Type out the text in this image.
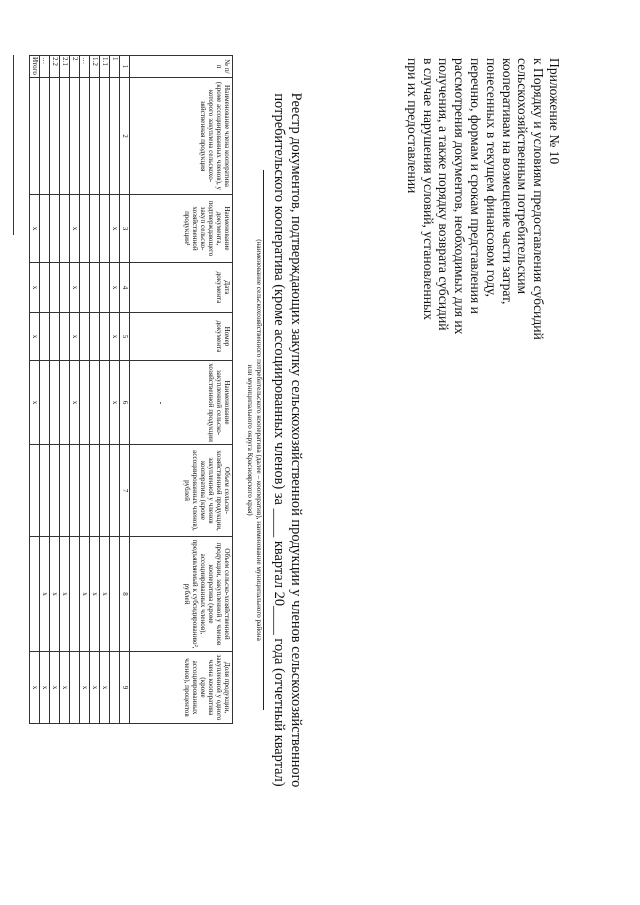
Приложение № 10
к Порядку и условиям предоставления субсидий
сельскохозяйственным потребительским
кооперативам на возмещение части затрат,
понесенных в текущем финансовом году,
перечню, формам и срокам представления и
рассмотрения документов, необходимых для их
получения, а также порядку возврата субсидий
в случае нарушения условий, установленных
при их предоставлении
Реестр документов, подтверждающих закупку сельскохозяйственной продукции у членов сельскохозяйственного
потребительского кооператива (кроме ассоциированных членов) за ____ квартал 20____ года (отчетный квартал)
(наименование сельскохозяйственного потребительского кооператива (далее – кооператив), наименование муниципального района
или муниципального округа Красноярского края)
№ п/п	Наименование члена кооператива (кроме ассоциированных членов), у которого закуплена сельскохо-зяйственная продукция	Наименование документа, подтверждающего закуп сельско-хозяйственной продукции¹	Дата документа	Номер документа	Наименование закупленной сельско-хозяйственной продукции	Объем сельско-хозяйственной продукции, закупленной у членов кооператива (кроме ассоциированных членов), рублей	Объем сельско-хозяйственной продукции, закупленной у членов кооператива (кроме ассоциированных членов), предъявляемый к субсидированию², рублей	Доля продукции, закупленной у одного члена кооператива (кроме ассоциированных членов), процентов
1	2	3	4	5	6	7	8	9
1		х	х	х	х			
1.1							х	х
1.2							х	х
…							х	х
2		х	х	х	х			
2.1							х	х
2.2							х	х
…							х	х
Итого		х	х	х	х			х
